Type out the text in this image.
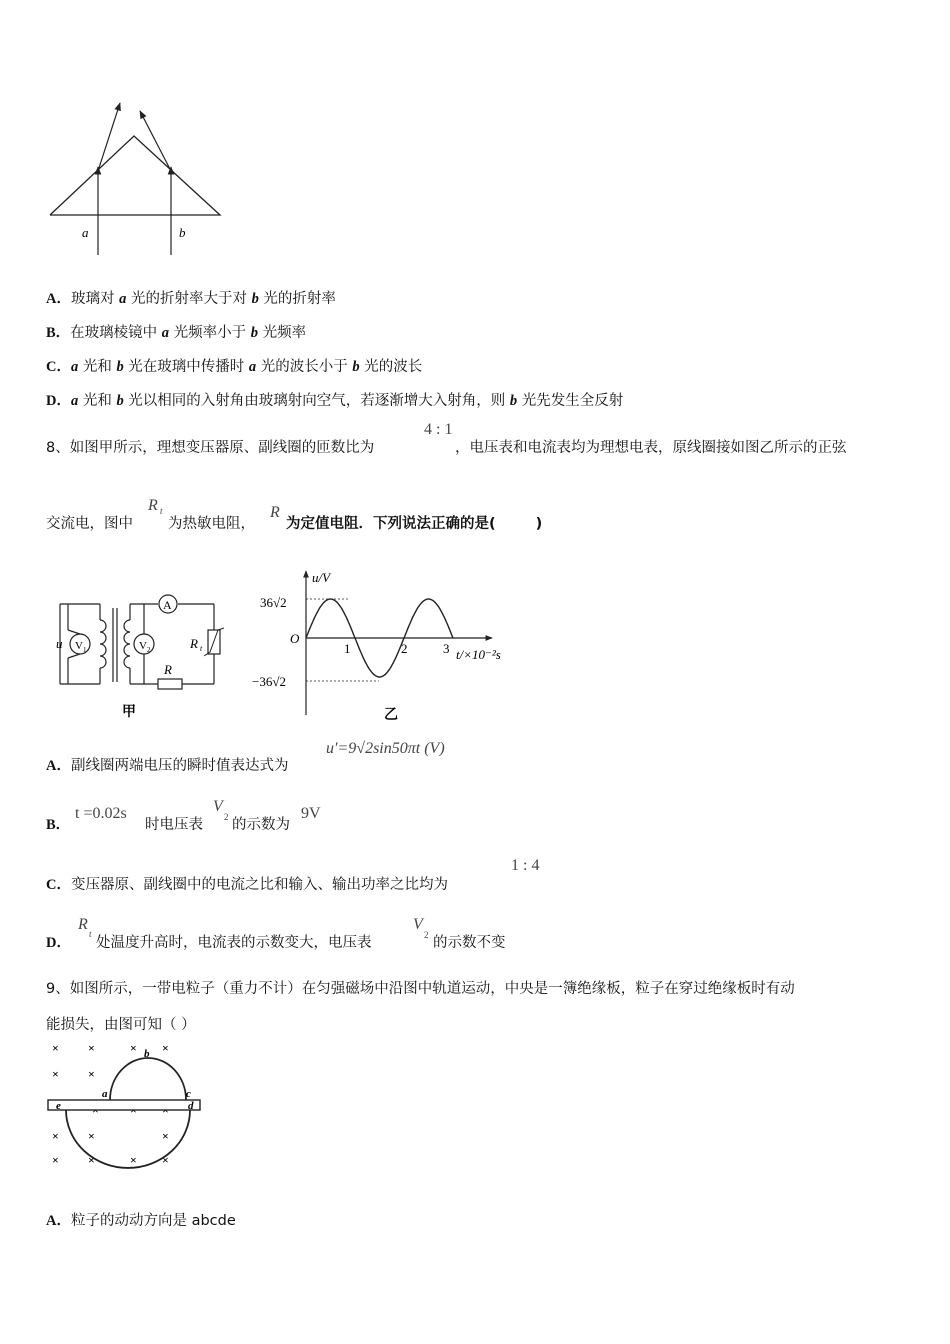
a	b
A．玻璃对 a 光的折射率大于对 b 光的折射率
B．在玻璃棱镜中 a 光频率小于 b 光频率
C．a 光和 b 光在玻璃中传播时 a 光的波长小于 b 光的波长
D．a 光和 b 光以相同的入射角由玻璃射向空气，若逐渐增大入射角，则 b 光先发生全反射
8、如图甲所示，理想变压器原、副线圈的匝数比为
4 : 1
，电压表和电流表均为理想电表，原线圈接如图乙所示的正弦
交流电，图中
R t
为热敏电阻，
R
为定值电阻．下列说法正确的是(	)
u V 1
A
R
R t
V 2
甲
u/V
36√2
−36√2
O
1	2	3 t/×10⁻²s
乙
A．副线圈两端电压的瞬时值表达式为
u′=9√2sin50πt (V)
B．
t =0.02s
时电压表
V
2 的示数为
9V
C．变压器原、副线圈中的电流之比和输入、输出功率之比均为
1 : 4
D．
R
t
处温度升高时，电流表的示数变大，电压表
V
2 的示数不变
9、如图所示，一带电粒子（重力不计）在匀强磁场中沿图中轨道运动，中央是一簿绝缘板，粒子在穿过绝缘板时有动
能损失，由图可知（ ）
× ×	× ×
× ×
× ×	×
× ×	× ×
a
b
c
d
e
A．粒子的动动方向是 abcde
